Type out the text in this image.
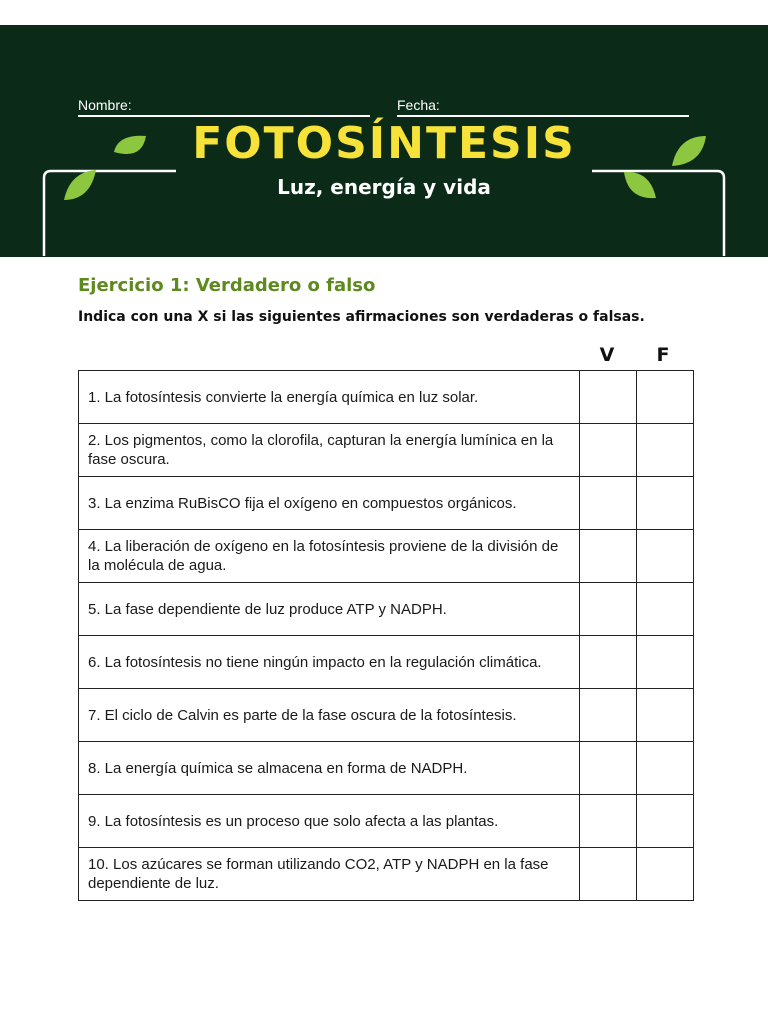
Nombre:	Fecha:
FOTOSÍNTESIS
Luz, energía y vida
Ejercicio 1: Verdadero o falso
Indica con una X si las siguientes afirmaciones son verdaderas o falsas.
V	F
1. La fotosíntesis convierte la energía química en luz solar.		
2. Los pigmentos, como la clorofila, capturan la energía lumínica en la fase oscura.		
3. La enzima RuBisCO fija el oxígeno en compuestos orgánicos.		
4. La liberación de oxígeno en la fotosíntesis proviene de la división de la molécula de agua.		
5. La fase dependiente de luz produce ATP y NADPH.		
6. La fotosíntesis no tiene ningún impacto en la regulación climática.		
7. El ciclo de Calvin es parte de la fase oscura de la fotosíntesis.		
8. La energía química se almacena en forma de NADPH.		
9. La fotosíntesis es un proceso que solo afecta a las plantas.		
10. Los azúcares se forman utilizando CO2, ATP y NADPH en la fase dependiente de luz.		
